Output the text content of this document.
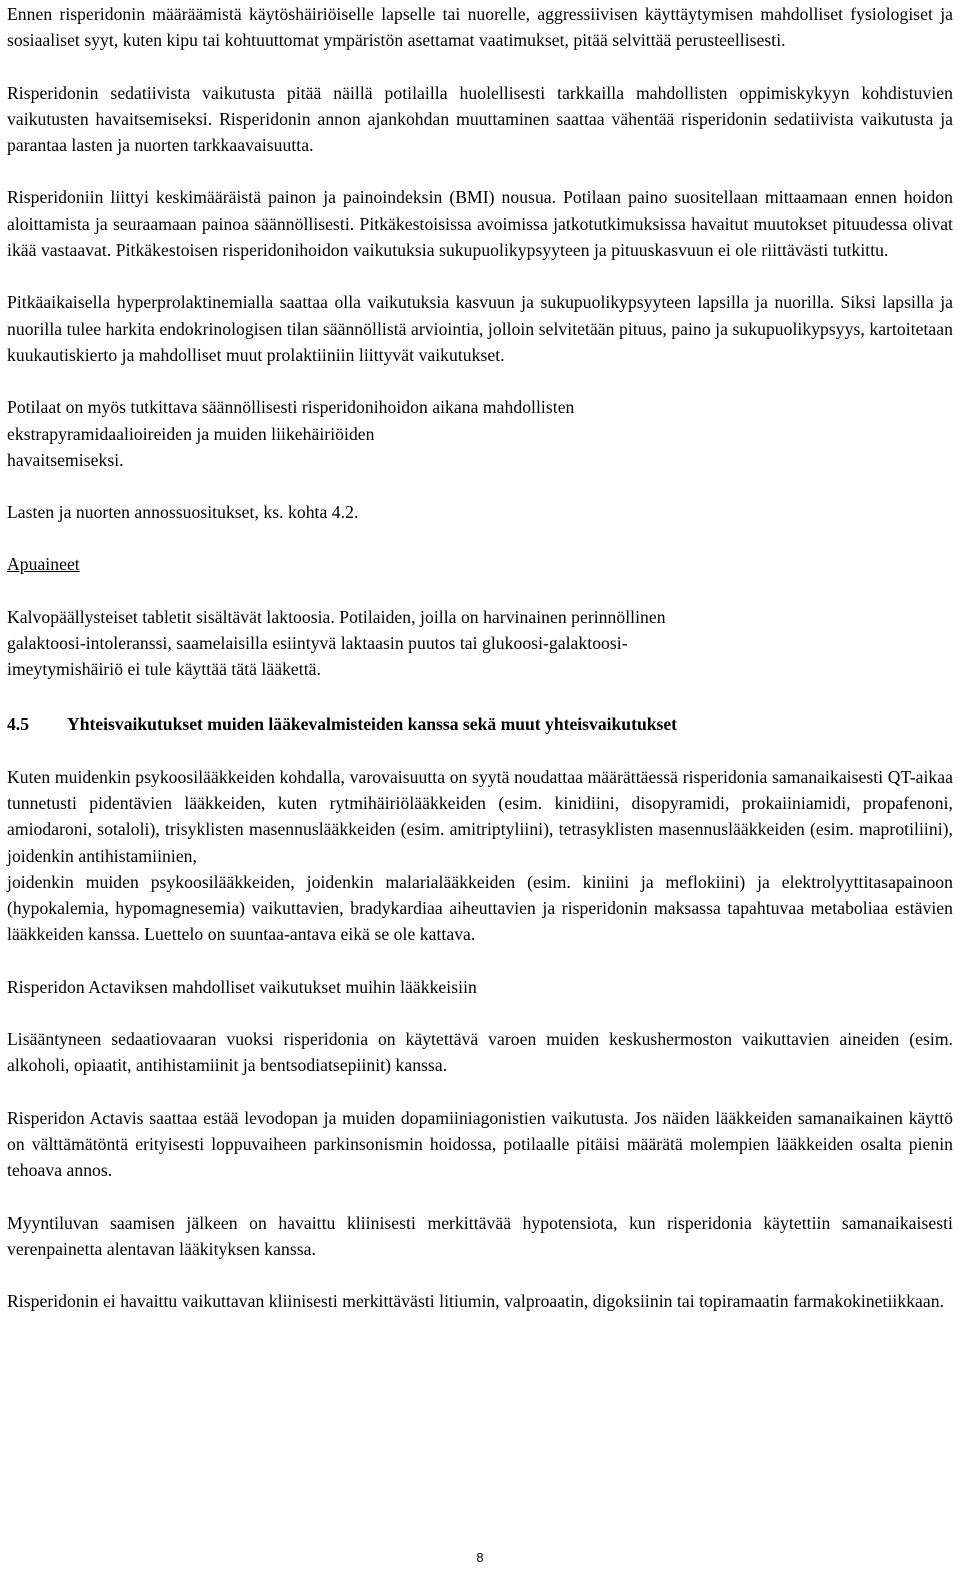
Ennen risperidonin määräämistä käytöshäiriöiselle lapselle tai nuorelle, aggressiivisen käyttäytymisen mahdolliset fysiologiset ja sosiaaliset syyt, kuten kipu tai kohtuuttomat ympäristön asettamat vaatimukset, pitää selvittää perusteellisesti.

Risperidonin sedatiivista vaikutusta pitää näillä potilailla huolellisesti tarkkailla mahdollisten oppimiskykyyn kohdistuvien vaikutusten havaitsemiseksi. Risperidonin annon ajankohdan muuttaminen saattaa vähentää risperidonin sedatiivista vaikutusta ja parantaa lasten ja nuorten tarkkaavaisuutta.

Risperidoniin liittyi keskimääräistä painon ja painoindeksin (BMI) nousua. Potilaan paino suositellaan mittaamaan ennen hoidon aloittamista ja seuraamaan painoa säännöllisesti. Pitkäkestoisissa avoimissa jatkotutkimuksissa havaitut muutokset pituudessa olivat ikää vastaavat. Pitkäkestoisen risperidonihoidon vaikutuksia sukupuolikypsyyteen ja pituuskasvuun ei ole riittävästi tutkittu.

Pitkäaikaisella hyperprolaktinemialla saattaa olla vaikutuksia kasvuun ja sukupuolikypsyyteen lapsilla ja nuorilla. Siksi lapsilla ja nuorilla tulee harkita endokrinologisen tilan säännöllistä arviointia, jolloin selvitetään pituus, paino ja sukupuolikypsyys, kartoitetaan kuukautiskierto ja mahdolliset muut prolaktiiniin liittyvät vaikutukset.

Potilaat on myös tutkittava säännöllisesti risperidonihoidon aikana mahdollisten
ekstrapyramidaalioireiden ja muiden liikehäiriöiden
havaitsemiseksi.

Lasten ja nuorten annossuositukset, ks. kohta 4.2.

Apuaineet

Kalvopäällysteiset tabletit sisältävät laktoosia. Potilaiden, joilla on harvinainen perinnöllinen
galaktoosi-intoleranssi, saamelaisilla esiintyvä laktaasin puutos tai glukoosi-galaktoosi-
imeytymishäiriö ei tule käyttää tätä lääkettä.

4.5 Yhteisvaikutukset muiden lääkevalmisteiden kanssa sekä muut yhteisvaikutukset

Kuten muidenkin psykoosilääkkeiden kohdalla, varovaisuutta on syytä noudattaa määrättäessä risperidonia samanaikaisesti QT-aikaa tunnetusti pidentävien lääkkeiden, kuten rytmihäiriölääkkeiden (esim. kinidiini, disopyramidi, prokaiiniamidi, propafenoni, amiodaroni, sotaloli), trisyklisten masennuslääkkeiden (esim. amitriptyliini), tetrasyklisten masennuslääkkeiden (esim. maprotiliini), joidenkin antihistamiinien,
joidenkin muiden psykoosilääkkeiden, joidenkin malarialääkkeiden (esim. kiniini ja meflokiini) ja elektrolyyttitasapainoon (hypokalemia, hypomagnesemia) vaikuttavien, bradykardiaa aiheuttavien ja risperidonin maksassa tapahtuvaa metaboliaa estävien lääkkeiden kanssa. Luettelo on suuntaa-antava eikä se ole kattava.

Risperidon Actaviksen mahdolliset vaikutukset muihin lääkkeisiin

Lisääntyneen sedaatiovaaran vuoksi risperidonia on käytettävä varoen muiden keskushermoston vaikuttavien aineiden (esim. alkoholi, opiaatit, antihistamiinit ja bentsodiatsepiinit) kanssa.

Risperidon Actavis saattaa estää levodopan ja muiden dopamiiniagonistien vaikutusta. Jos näiden lääkkeiden samanaikainen käyttö on välttämätöntä erityisesti loppuvaiheen parkinsonismin hoidossa, potilaalle pitäisi määrätä molempien lääkkeiden osalta pienin tehoava annos.

Myyntiluvan saamisen jälkeen on havaittu kliinisesti merkittävää hypotensiota, kun risperidonia käytettiin samanaikaisesti verenpainetta alentavan lääkityksen kanssa.

Risperidonin ei havaittu vaikuttavan kliinisesti merkittävästi litiumin, valproaatin, digoksiinin tai topiramaatin farmakokinetiikkaan.

8
